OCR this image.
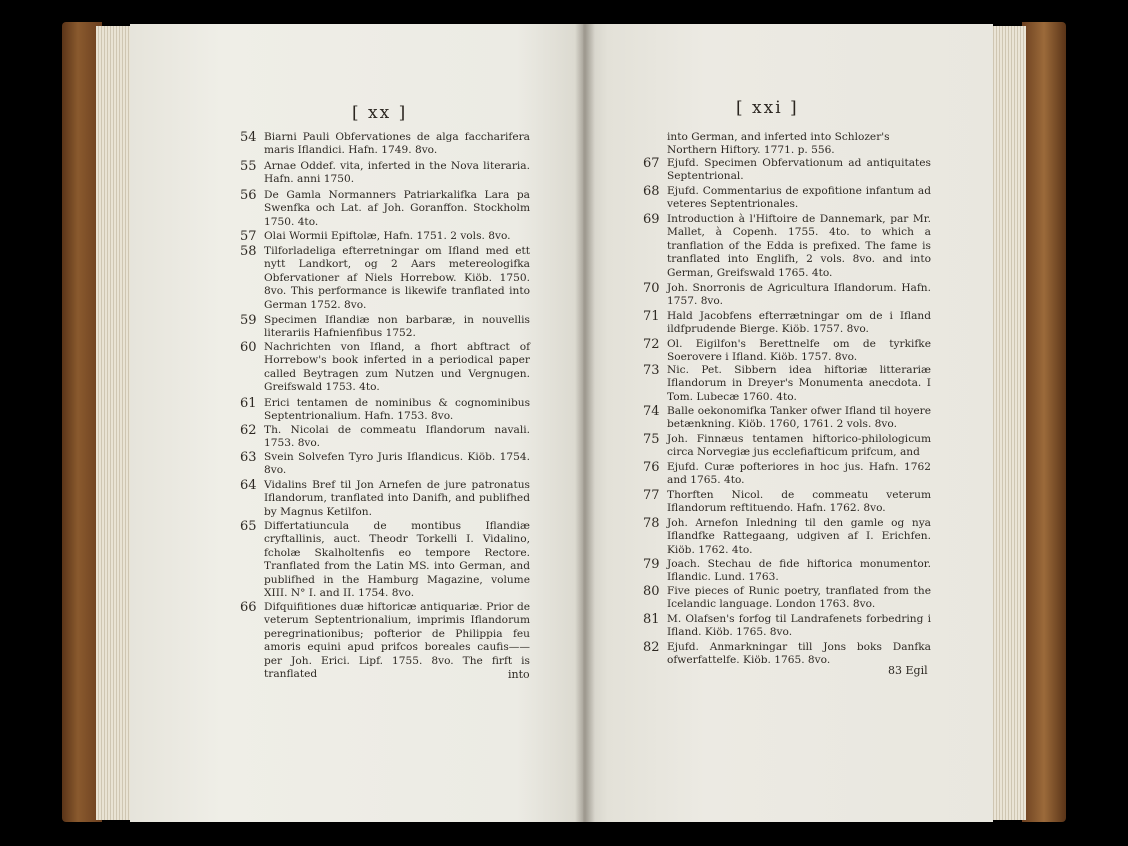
[ xx ]
54 Biarni Pauli Obfervationes de alga faccharifera maris Iflandici. Hafn. 1749. 8vo.
55 Arnae Oddef. vita, inferted in the Nova literaria. Hafn. anni 1750.
56 De Gamla Normanners Patriarkalifka Lara pa Swenfka och Lat. af Joh. Goranffon. Stockholm 1750. 4to.
57 Olai Wormii Epiftolæ, Hafn. 1751. 2 vols. 8vo.
58 Tilforladeliga efterretningar om Ifland med ett nytt Landkort, og 2 Aars metereologifka Obfervationer af Niels Horrebow. Kiöb. 1750. 8vo. This performance is likewife tranflated into German 1752. 8vo.
59 Specimen Iflandiæ non barbaræ, in nouvellis literariis Hafnienfibus 1752.
60 Nachrichten von Ifland, a fhort abftract of Horrebow's book inferted in a periodical paper called Beytragen zum Nutzen und Vergnugen. Greifswald 1753. 4to.
61 Erici tentamen de nominibus & cognominibus Septentrionalium. Hafn. 1753. 8vo.
62 Th. Nicolai de commeatu Iflandorum navali. 1753. 8vo.
63 Svein Solvefen Tyro Juris Iflandicus. Kiöb. 1754. 8vo.
64 Vidalins Bref til Jon Arnefen de jure patronatus Iflandorum, tranflated into Danifh, and publifhed by Magnus Ketilfon.
65 Differtatiuncula de montibus Iflandiæ cryftallinis, auct. Theodr Torkelli I. Vidalino, fcholæ Skalholtenfis eo tempore Rectore. Tranflated from the Latin MS. into German, and publifhed in the Hamburg Magazine, volume XIII. N° I. and II. 1754. 8vo.
66 Difquifitiones duæ hiftoricæ antiquariæ. Prior de veterum Septentrionalium, imprimis Iflandorum peregrinationibus; pofterior de Philippia feu amoris equini apud prifcos boreales caufis——per Joh. Erici. Lipf. 1755. 8vo. The firft is tranflated	into
[ xxi ]
into German, and inferted into Schlozer's Northern Hiftory. 1771. p. 556.
67 Ejufd. Specimen Obfervationum ad antiquitates Septentrional.
68 Ejufd. Commentarius de expofitione infantum ad veteres Septentrionales.
69 Introduction à l'Hiftoire de Dannemark, par Mr. Mallet, à Copenh. 1755. 4to. to which a tranflation of the Edda is prefixed. The fame is tranflated into Englifh, 2 vols. 8vo. and into German, Greifswald 1765. 4to.
70 Joh. Snorronis de Agricultura Iflandorum. Hafn. 1757. 8vo.
71 Hald Jacobfens efterrætningar om de i Ifland ildfprudende Bierge. Kiöb. 1757. 8vo.
72 Ol. Eigilfon's Berettnelfe om de tyrkifke Soerovere i Ifland. Kiöb. 1757. 8vo.
73 Nic. Pet. Sibbern idea hiftoriæ litterariæ Iflandorum in Dreyer's Monumenta anecdota. I Tom. Lubecæ 1760. 4to.
74 Balle oekonomifka Tanker ofwer Ifland til hoyere betænkning. Kiöb. 1760, 1761. 2 vols. 8vo.
75 Joh. Finnæus tentamen hiftorico-philologicum circa Norvegiæ jus ecclefiafticum prifcum, and
76 Ejufd. Curæ pofteriores in hoc jus. Hafn. 1762 and 1765. 4to.
77 Thorften Nicol. de commeatu veterum Iflandorum reftituendo. Hafn. 1762. 8vo.
78 Joh. Arnefon Inledning til den gamle og nya Iflandfke Rattegaang, udgiven af I. Erichfen. Kiöb. 1762. 4to.
79 Joach. Stechau de fide hiftorica monumentor. Iflandic. Lund. 1763.
80 Five pieces of Runic poetry, tranflated from the Icelandic language. London 1763. 8vo.
81 M. Olafsen's forfog til Landrafenets forbedring i Ifland. Kiöb. 1765. 8vo.
82 Ejufd. Anmarkningar till Jons boks Danfka ofwerfattelfe. Kiöb. 1765. 8vo.
83 Egil
